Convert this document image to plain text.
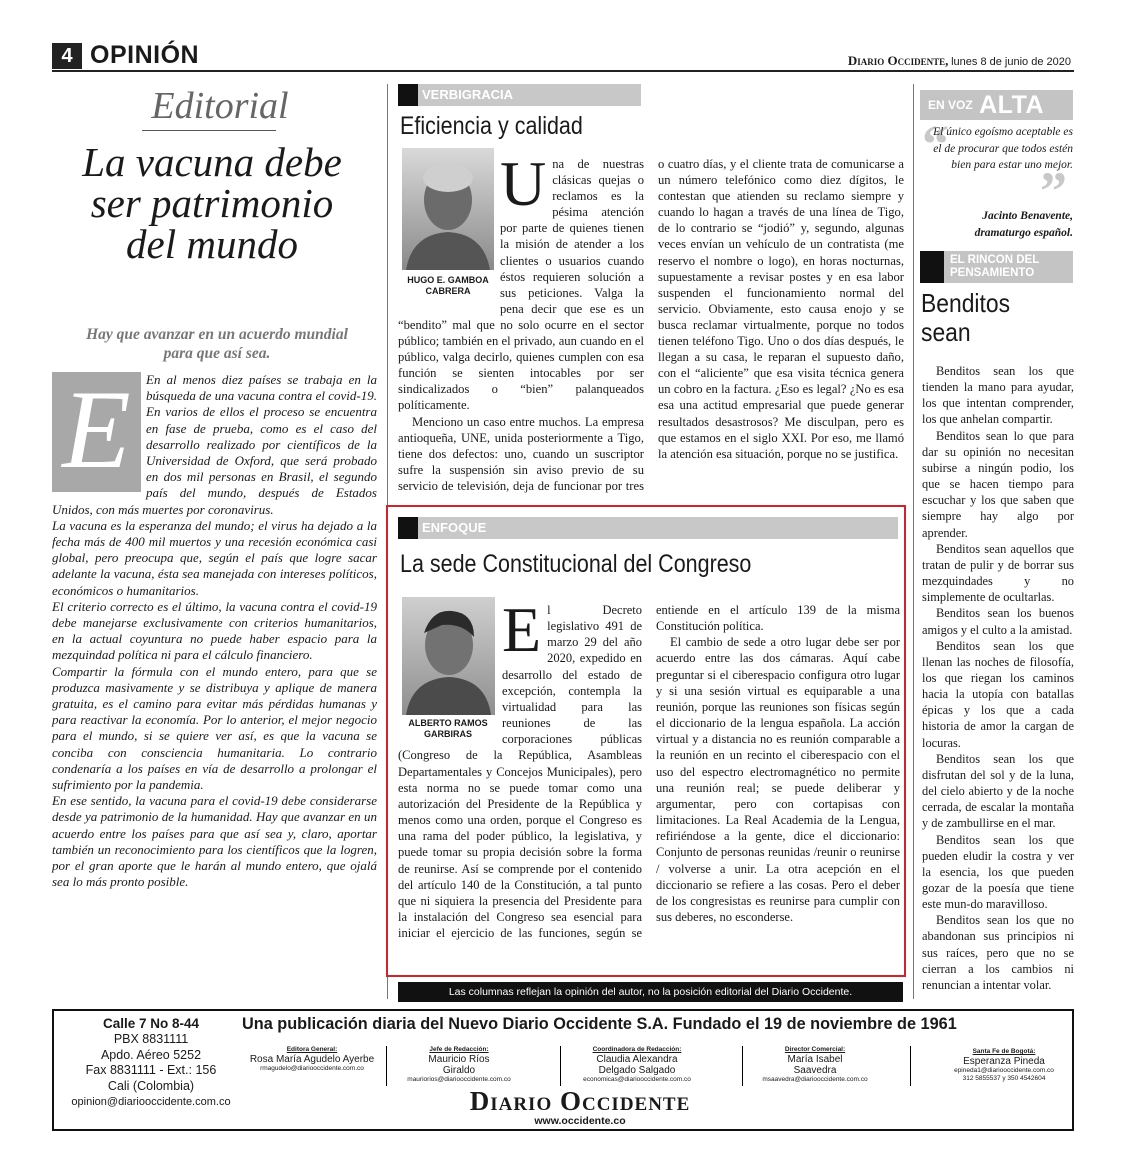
4 OPINIÓN	Diario Occidente, lunes 8 de junio de 2020
Editorial
La vacuna debe ser patrimonio del mundo
Hay que avanzar en un acuerdo mundial para que así sea.
E	En al menos diez países se trabaja en la búsqueda de una vacuna contra el covid-19. En varios de ellos el proceso se encuentra en fase de prueba, como es el caso del desarrollo realizado por científicos de la Universidad de Oxford, que será probado en dos mil personas en Brasil, el segundo país del mundo, después de Estados Unidos, con más muertes por coronavirus.

La vacuna es la esperanza del mundo; el virus ha dejado a la fecha más de 400 mil muertos y una recesión económica casi global, pero preocupa que, según el país que logre sacar adelante la vacuna, ésta sea manejada con intereses políticos, económicos o humanitarios.

El criterio correcto es el último, la vacuna contra el covid-19 debe manejarse exclusivamente con criterios humanitarios, en la actual coyuntura no puede haber espacio para la mezquindad política ni para el cálculo financiero.

Compartir la fórmula con el mundo entero, para que se produzca masivamente y se distribuya y aplique de manera gratuita, es el camino para evitar más pérdidas humanas y para reactivar la economía. Por lo anterior, el mejor negocio para el mundo, si se quiere ver así, es que la vacuna se conciba con consciencia humanitaria. Lo contrario condenaría a los países en vía de desarrollo a prolongar el sufrimiento por la pandemia.

En ese sentido, la vacuna para el covid-19 debe considerarse desde ya patrimonio de la humanidad. Hay que avanzar en un acuerdo entre los países para que así sea y, claro, aportar también un reconocimiento para los científicos que la logren, por el gran aporte que le harán al mundo entero, que ojalá sea lo más pronto posible.

VERBIGRACIA
Eficiencia y calidad
HUGO E. GAMBOA CABRERA

Una de nuestras clásicas quejas o reclamos es la pésima atención por parte de quienes tienen la misión de atender a los clientes o usuarios cuando éstos requieren solución a sus peticiones. Valga la pena decir que ese es un “bendito” mal que no solo ocurre en el sector público; también en el privado, aun cuando en el público, valga decirlo, quienes cumplen con esa función se sienten intocables por ser sindicalizados o “bien” palanqueados políticamente.

Menciono un caso entre muchos. La empresa antioqueña, UNE, unida posteriormente a Tigo, tiene dos defectos: uno, cuando un suscriptor sufre la suspensión sin aviso previo de su servicio de televisión, deja de funcionar por tres o cuatro días, y el cliente trata de comunicarse a un número telefónico como diez dígitos, le contestan que atienden su reclamo siempre y cuando lo hagan a través de una línea de Tigo, de lo contrario se “jodió” y, segundo, algunas veces envían un vehículo de un contratista (me reservo el nombre o logo), en horas nocturnas, supuestamente a revisar postes y en esa labor suspenden el funcionamiento normal del servicio. Obviamente, esto causa enojo y se busca reclamar virtualmente, porque no todos tienen teléfono Tigo. Uno o dos días después, le llegan a su casa, le reparan el supuesto daño, con el “aliciente” que esa visita técnica genera un cobro en la factura. ¿Eso es legal? ¿No es esa esa una actitud empresarial que puede generar resultados desastrosos? Me disculpan, pero es que estamos en el siglo XXI. Por eso, me llamó la atención esa situación, porque no se justifica.

ENFOQUE
La sede Constitucional del Congreso
ALBERTO RAMOS GARBIRAS

El Decreto legislativo 491 de marzo 29 del año 2020, expedido en desarrollo del estado de excepción, contempla la virtualidad para las reuniones de las corporaciones públicas (Congreso de la República, Asambleas Departamentales y Concejos Municipales), pero esta norma no se puede tomar como una autorización del Presidente de la República y menos como una orden, porque el Congreso es una rama del poder público, la legislativa, y puede tomar su propia decisión sobre la forma de reunirse. Así se comprende por el contenido del artículo 140 de la Constitución, a tal punto que ni siquiera la presencia del Presidente para la instalación del Congreso sea esencial para iniciar el ejercicio de las funciones, según se entiende en el artículo 139 de la misma Constitución política.

El cambio de sede a otro lugar debe ser por acuerdo entre las dos cámaras. Aquí cabe preguntar si el ciberespacio configura otro lugar y si una sesión virtual es equiparable a una reunión, porque las reuniones son físicas según el diccionario de la lengua española. La acción virtual y a distancia no es reunión comparable a la reunión en un recinto el ciberespacio con el uso del espectro electromagnético no permite una reunión real; se puede deliberar y argumentar, pero con cortapisas con limitaciones. La Real Academia de la Lengua, refiriéndose a la gente, dice el diccionario: Conjunto de personas reunidas /reunir o reunirse / volverse a unir. La otra acepción en el diccionario se refiere a las cosas. Pero el deber de los congresistas es reunirse para cumplir con sus deberes, no esconderse.

Las columnas reflejan la opinión del autor, no la posición editorial del Diario Occidente.
EN VOZ ALTA
“
El único egoísmo aceptable es el de procurar que todos estén bien para estar uno mejor.
”
Jacinto Benavente, dramaturgo español.
EL RINCON DEL PENSAMIENTO
Benditos sean

Benditos sean los que tienden la mano para ayudar, los que intentan comprender, los que anhelan compartir.

Benditos sean lo que para dar su opinión no necesitan subirse a ningún podio, los que se hacen tiempo para escuchar y los que saben que siempre hay algo por aprender.

Benditos sean aquellos que tratan de pulir y de borrar sus mezquindades y no simplemente de ocultarlas.

Benditos sean los buenos amigos y el culto a la amistad.

Benditos sean los que llenan las noches de filosofía, los que riegan los caminos hacia la utopía con batallas épicas y los que a cada historia de amor la cargan de locuras.

Benditos sean los que disfrutan del sol y de la luna, del cielo abierto y de la noche cerrada, de escalar la montaña y de zambullirse en el mar.

Benditos sean los que pueden eludir la costra y ver la esencia, los que pueden gozar de la poesía que tiene este mun-do maravilloso.

Benditos sean los que no abandonan sus principios ni sus raíces, pero que no se cierran a los cambios ni renuncian a intentar volar.

Calle 7 No 8-44
PBX 8831111
Apdo. Aéreo 5252
Fax 8831111 - Ext.: 156
Cali (Colombia)
opinion@diariooccidente.com.co
Una publicación diaria del Nuevo Diario Occidente S.A. Fundado el 19 de noviembre de 1961
Editora General:
Rosa María Agudelo Ayerbe
rmagudelo@diariooccidente.com.co
Jefe de Redacción:
Mauricio Ríos Giraldo
mauriorios@diariooccidente.com.co
Coordinadora de Redacción:
Claudia Alexandra Delgado Salgado
economicas@diariooccidente.com.co
Director Comercial:
María Isabel Saavedra
msaavedra@diariooccidente.com.co
Santa Fe de Bogotá:
Esperanza Pineda
epineda1@diariooccidente.com.co
312 5855537 y 350 4542604
Diario Occidente
www.occidente.co
